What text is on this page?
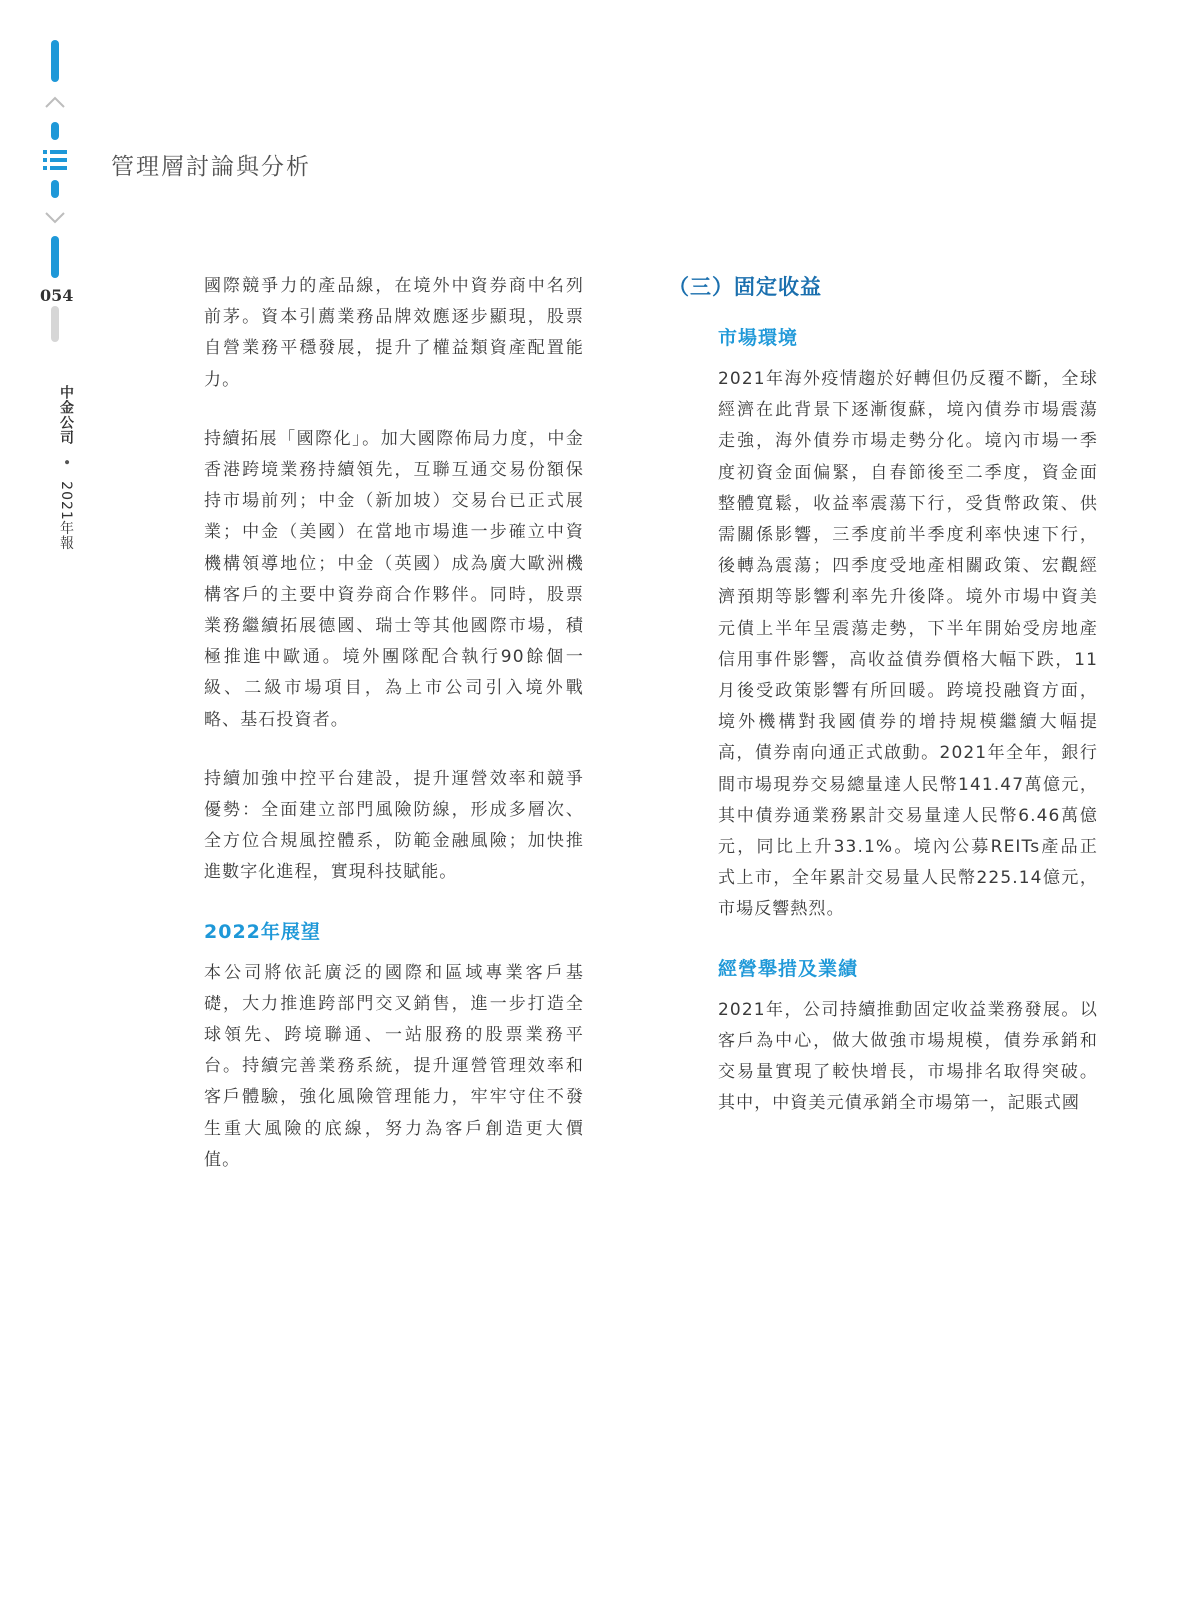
054
中金公司 • 2021年報
管理層討論與分析

國際競爭力的產品線，在境外中資券商中名列前茅。資本引薦業務品牌效應逐步顯現，股票自營業務平穩發展，提升了權益類資產配置能力。

持續拓展「國際化」。加大國際佈局力度，中金香港跨境業務持續領先，互聯互通交易份額保持市場前列；中金（新加坡）交易台已正式展業；中金（美國）在當地市場進一步確立中資機構領導地位；中金（英國）成為廣大歐洲機構客戶的主要中資券商合作夥伴。同時，股票業務繼續拓展德國、瑞士等其他國際市場，積極推進中歐通。境外團隊配合執行90餘個一級、二級市場項目，為上市公司引入境外戰略、基石投資者。

持續加強中控平台建設，提升運營效率和競爭優勢：全面建立部門風險防線，形成多層次、全方位合規風控體系，防範金融風險；加快推進數字化進程，實現科技賦能。

2022年展望

本公司將依託廣泛的國際和區域專業客戶基礎，大力推進跨部門交叉銷售，進一步打造全球領先、跨境聯通、一站服務的股票業務平台。持續完善業務系統，提升運營管理效率和客戶體驗，強化風險管理能力，牢牢守住不發生重大風險的底線，努力為客戶創造更大價值。

（三）固定收益
市場環境

2021年海外疫情趨於好轉但仍反覆不斷，全球經濟在此背景下逐漸復蘇，境內債券市場震蕩走強，海外債券市場走勢分化。境內市場一季度初資金面偏緊，自春節後至二季度，資金面整體寬鬆，收益率震蕩下行，受貨幣政策、供需關係影響，三季度前半季度利率快速下行，後轉為震蕩；四季度受地產相關政策、宏觀經濟預期等影響利率先升後降。境外市場中資美元債上半年呈震蕩走勢，下半年開始受房地產信用事件影響，高收益債券價格大幅下跌，11月後受政策影響有所回暖。跨境投融資方面，境外機構對我國債券的增持規模繼續大幅提高，債券南向通正式啟動。2021年全年，銀行間市場現券交易總量達人民幣141.47萬億元，其中債券通業務累計交易量達人民幣6.46萬億元，同比上升33.1%。境內公募REITs產品正式上市，全年累計交易量人民幣225.14億元，市場反響熱烈。

經營舉措及業績

2021年，公司持續推動固定收益業務發展。以客戶為中心，做大做強市場規模，債券承銷和交易量實現了較快增長，市場排名取得突破。其中，中資美元債承銷全市場第一，記賬式國
